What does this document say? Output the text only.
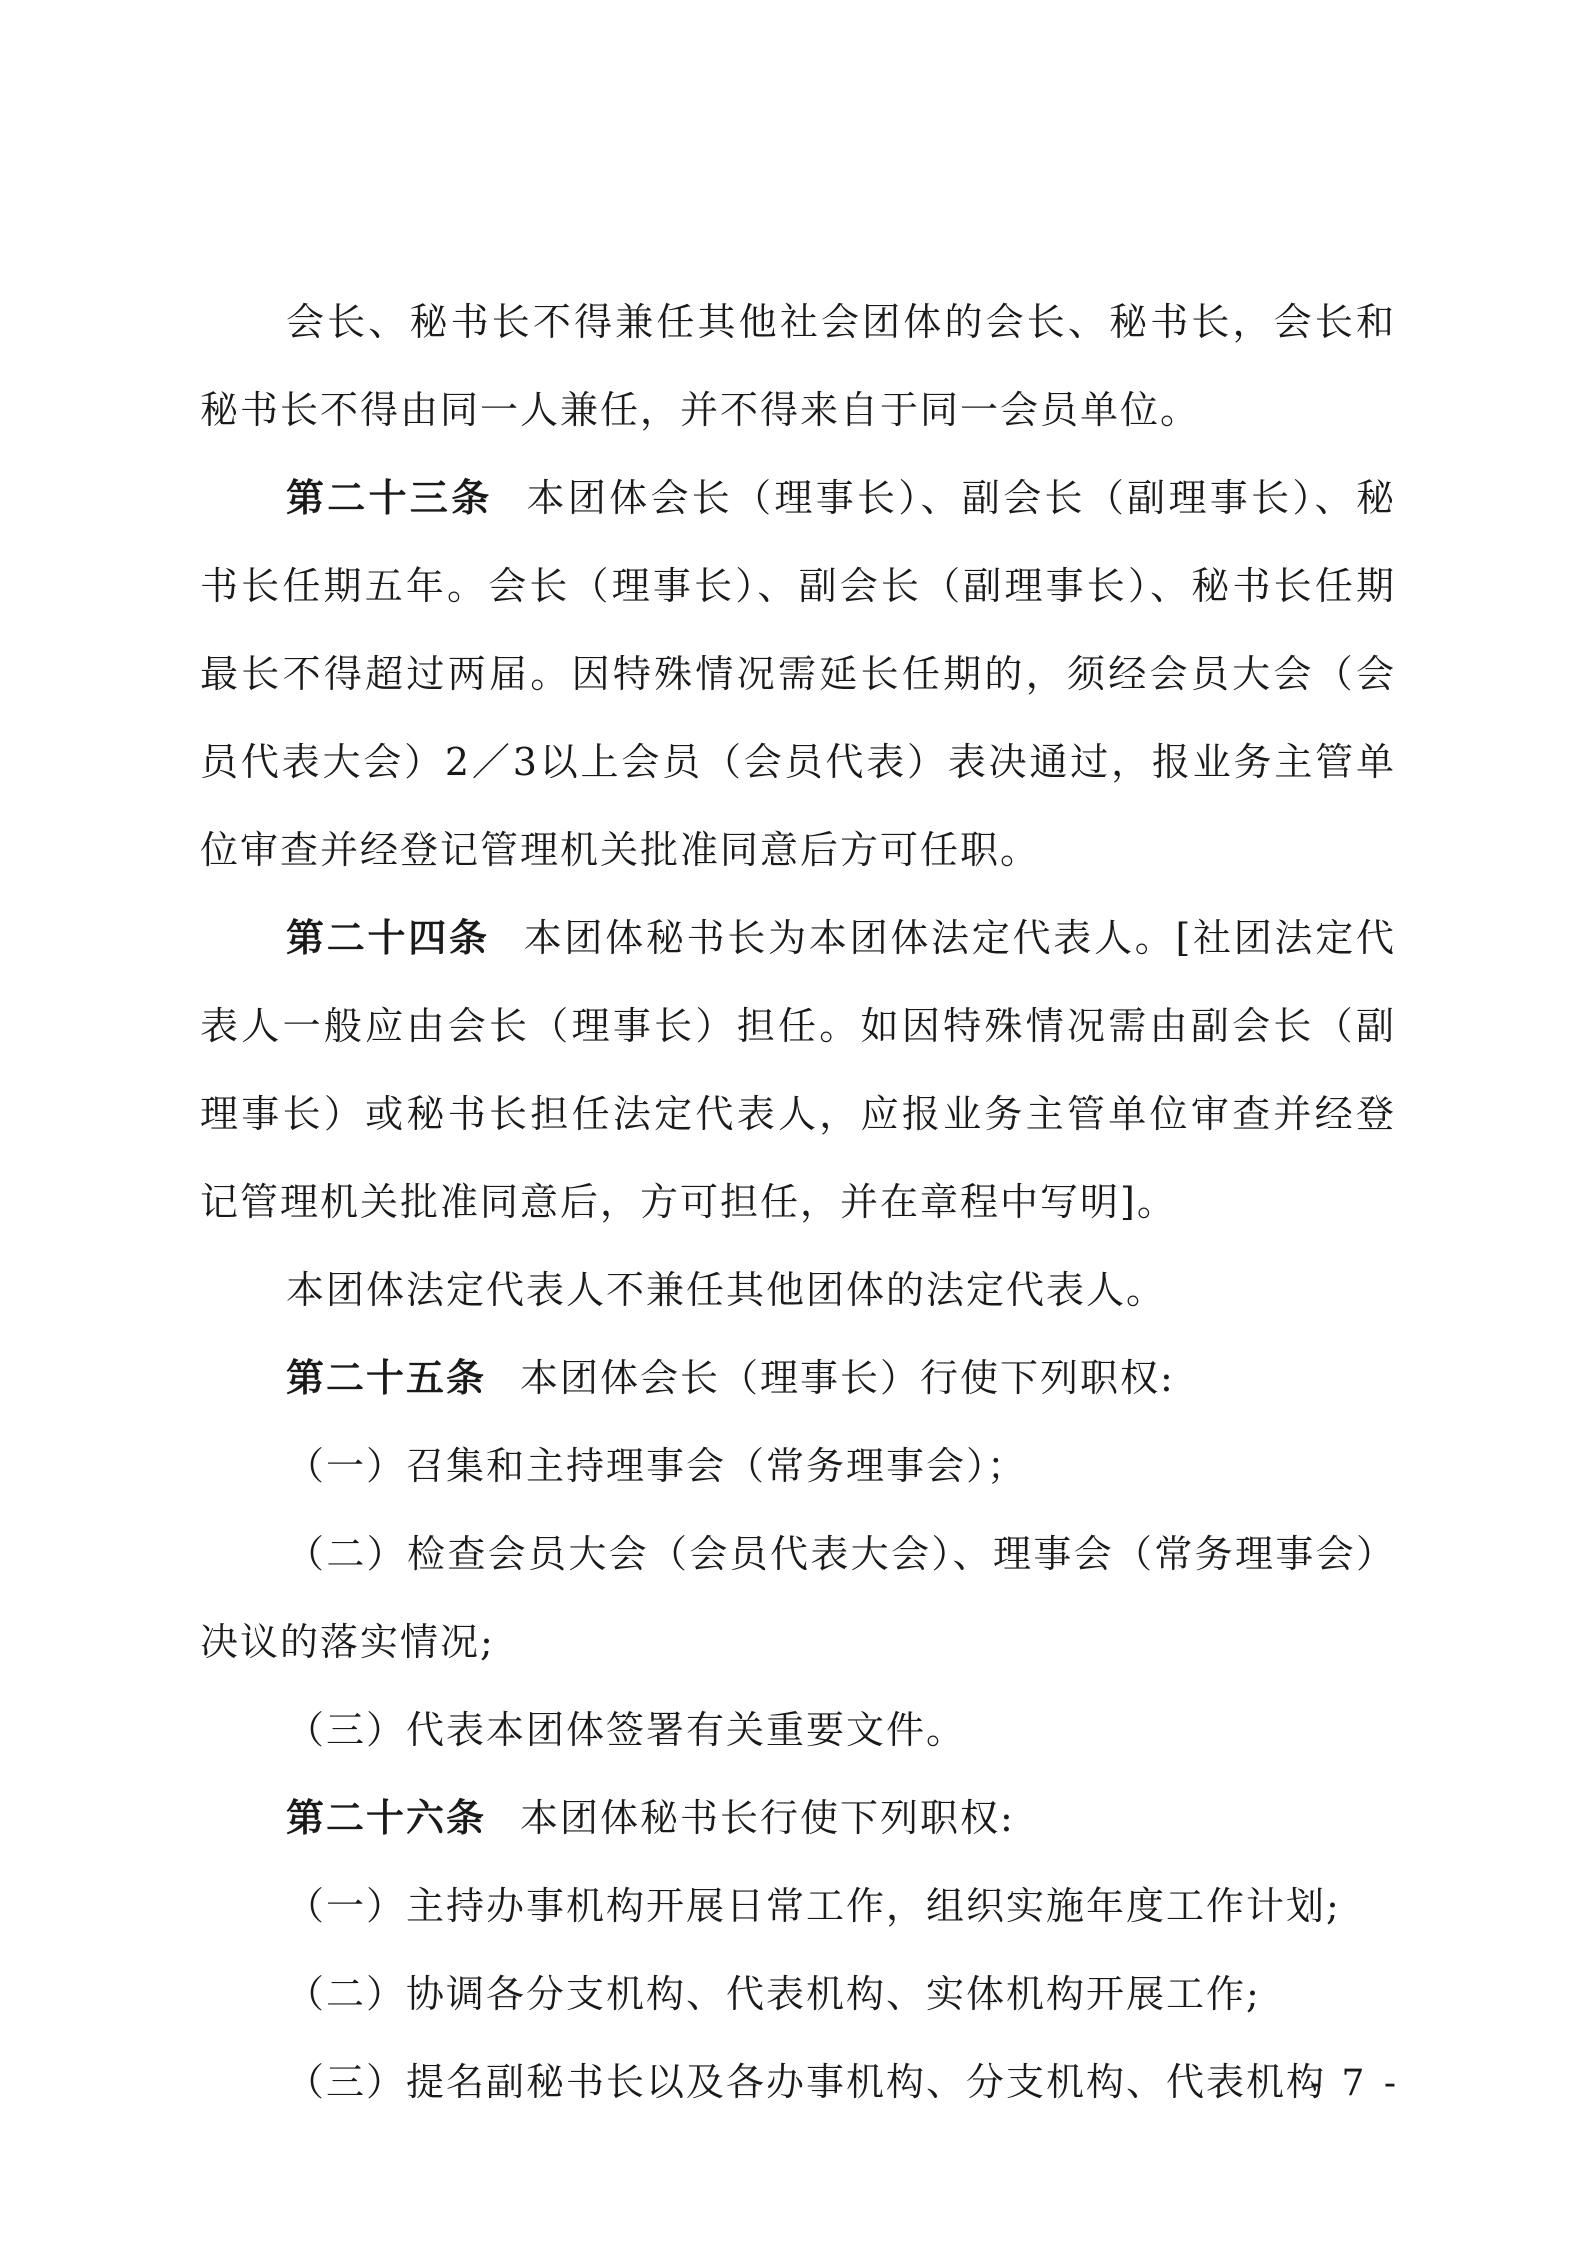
会长、秘书长不得兼任其他社会团体的会长、秘书长，会长和秘书长不得由同一人兼任，并不得来自于同一会员单位。

第二十三条 本团体会长（理事长）、副会长（副理事长）、秘书长任期五年。会长（理事长）、副会长（副理事长）、秘书长任期最长不得超过两届。因特殊情况需延长任期的，须经会员大会（会员代表大会）2／3以上会员（会员代表）表决通过，报业务主管单位审查并经登记管理机关批准同意后方可任职。

第二十四条 本团体秘书长为本团体法定代表人。[社团法定代表人一般应由会长（理事长）担任。如因特殊情况需由副会长（副理事长）或秘书长担任法定代表人，应报业务主管单位审查并经登记管理机关批准同意后，方可担任，并在章程中写明]。

本团体法定代表人不兼任其他团体的法定代表人。

第二十五条 本团体会长（理事长）行使下列职权:

（一）召集和主持理事会（常务理事会）；

（二）检查会员大会（会员代表大会）、理事会（常务理事会）决议的落实情况;

（三）代表本团体签署有关重要文件。

第二十六条 本团体秘书长行使下列职权:

（一）主持办事机构开展日常工作，组织实施年度工作计划;

（二）协调各分支机构、代表机构、实体机构开展工作;

（三）提名副秘书长以及各办事机构、分支机构、代表机构

- 7 -
